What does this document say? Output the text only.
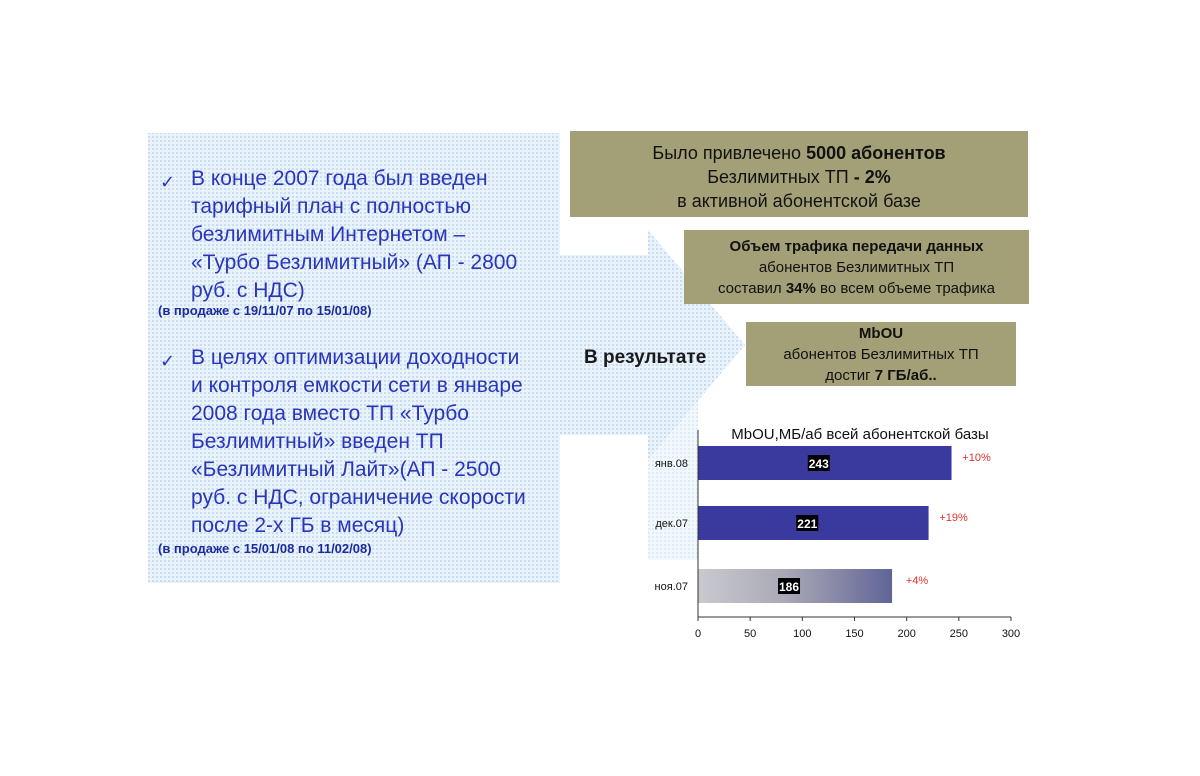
✓ В конце 2007 года был введен
тарифный план с полностью
безлимитным Интернетом –
«Турбо Безлимитный» (АП - 2800
руб. с НДС)
(в продаже с 19/11/07 по 15/01/08)
✓ В целях оптимизации доходности
и контроля емкости сети в январе
2008 года вместо ТП «Турбо
Безлимитный» введен ТП
«Безлимитный Лайт»(АП - 2500
руб. с НДС, ограничение скорости
после 2-х ГБ в месяц)
(в продаже с 15/01/08 по 11/02/08)
В результате
Было привлечено 5000 абонентов
Безлимитных ТП - 2%
в активной абонентской базе
Объем трафика передачи данных
абонентов Безлимитных ТП
составил 34% во всем объеме трафика
MbOU
абонентов Безлимитных ТП
достиг 7 ГБ/аб..
MbOU,МБ/аб всей абонентской базы
243
янв.08	+10%
221
дек.07	+19%
186
ноя.07	+4%
0	50	100	150	200	250	300
